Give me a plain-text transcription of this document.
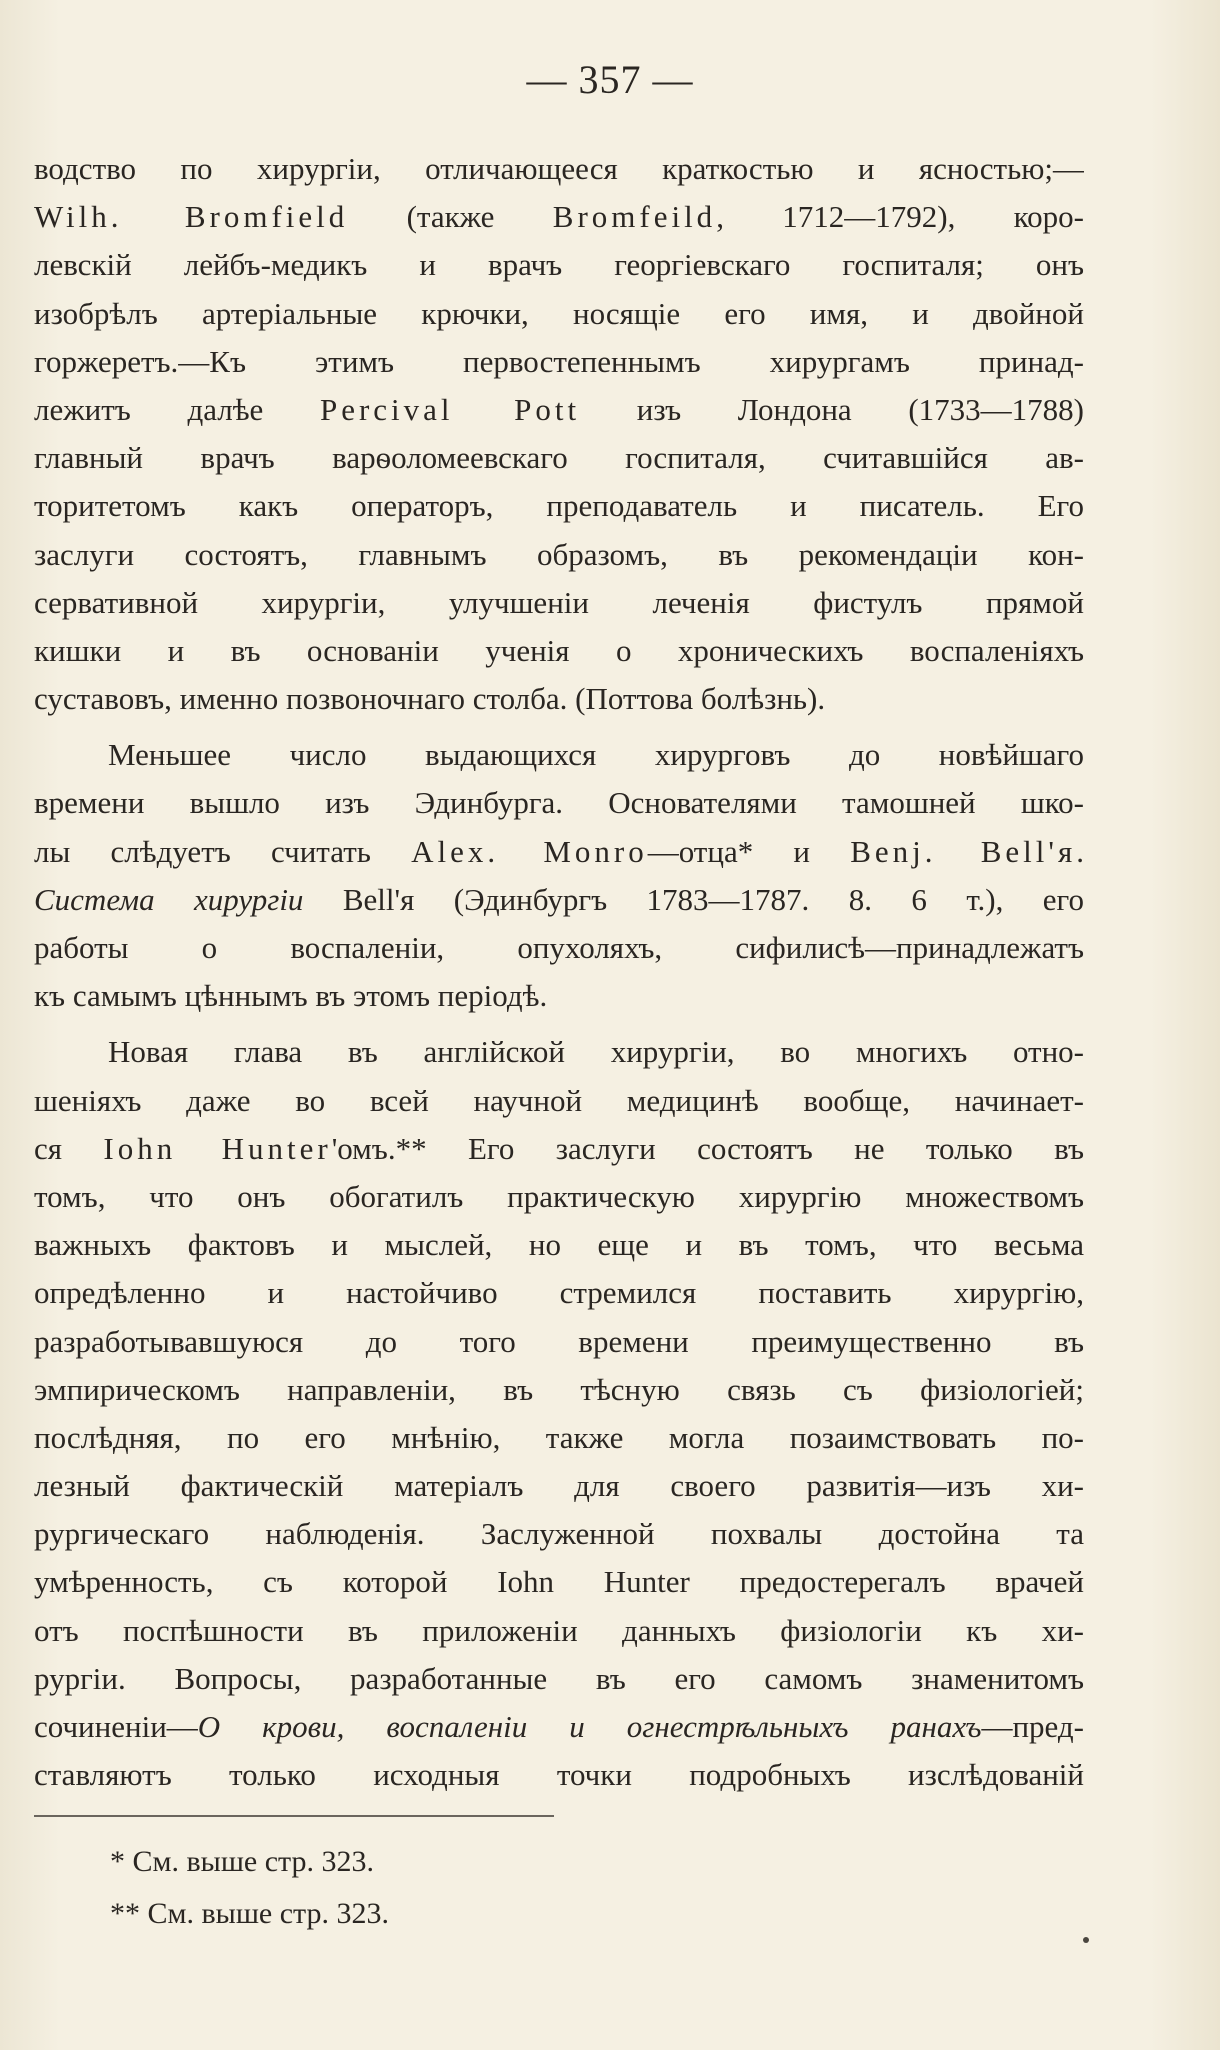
— 357 —
водство по хирургіи, отличающееся краткостью и ясностью;—
Wilh. Bromfield (также Bromfeild, 1712—1792), коро-
левскій лейбъ-медикъ и врачъ георгіевскаго госпиталя; онъ
изобрѣлъ артеріальные крючки, носящіе его имя, и двойной
горжеретъ.—Къ этимъ первостепеннымъ хирургамъ принад-
лежитъ далѣе Percival Pott изъ Лондона (1733—1788)
главный врачъ варѳоломеевскаго госпиталя, считавшійся ав-
торитетомъ какъ операторъ, преподаватель и писатель. Его
заслуги состоятъ, главнымъ образомъ, въ рекомендаціи кон-
сервативной хирургіи, улучшеніи леченія фистулъ прямой
кишки и въ основаніи ученія о хроническихъ воспаленіяхъ
суставовъ, именно позвоночнаго столба. (Поттова болѣзнь).
Меньшее число выдающихся хирурговъ до новѣйшаго
времени вышло изъ Эдинбурга. Основателями тамошней шко-
лы слѣдуетъ считать Alex. Monro—отца* и Benj. Bell'я.
Система хирургіи Bell'я (Эдинбургъ 1783—1787. 8. 6 т.), его
работы о воспаленіи, опухоляхъ, сифилисѣ—принадлежатъ
къ самымъ цѣннымъ въ этомъ періодѣ.
Новая глава въ англійской хирургіи, во многихъ отно-
шеніяхъ даже во всей научной медицинѣ вообще, начинает-
ся Iohn Hunter'омъ.** Его заслуги состоятъ не только въ
томъ, что онъ обогатилъ практическую хирургію множествомъ
важныхъ фактовъ и мыслей, но еще и въ томъ, что весьма
опредѣленно и настойчиво стремился поставить хирургію,
разработывавшуюся до того времени преимущественно въ
эмпирическомъ направленіи, въ тѣсную связь съ физіологіей;
послѣдняя, по его мнѣнію, также могла позаимствовать по-
лезный фактическій матеріалъ для своего развитія—изъ хи-
рургическаго наблюденія. Заслуженной похвалы достойна та
умѣренность, съ которой Iohn Hunter предостерегалъ врачей
отъ поспѣшности въ приложеніи данныхъ физіологіи къ хи-
рургіи. Вопросы, разработанные въ его самомъ знаменитомъ
сочиненіи—О крови, воспаленіи и огнестрѣльныхъ ранахъ—пред-
ставляютъ только исходныя точки подробныхъ изслѣдованій
* См. выше стр. 323.
** См. выше стр. 323.
